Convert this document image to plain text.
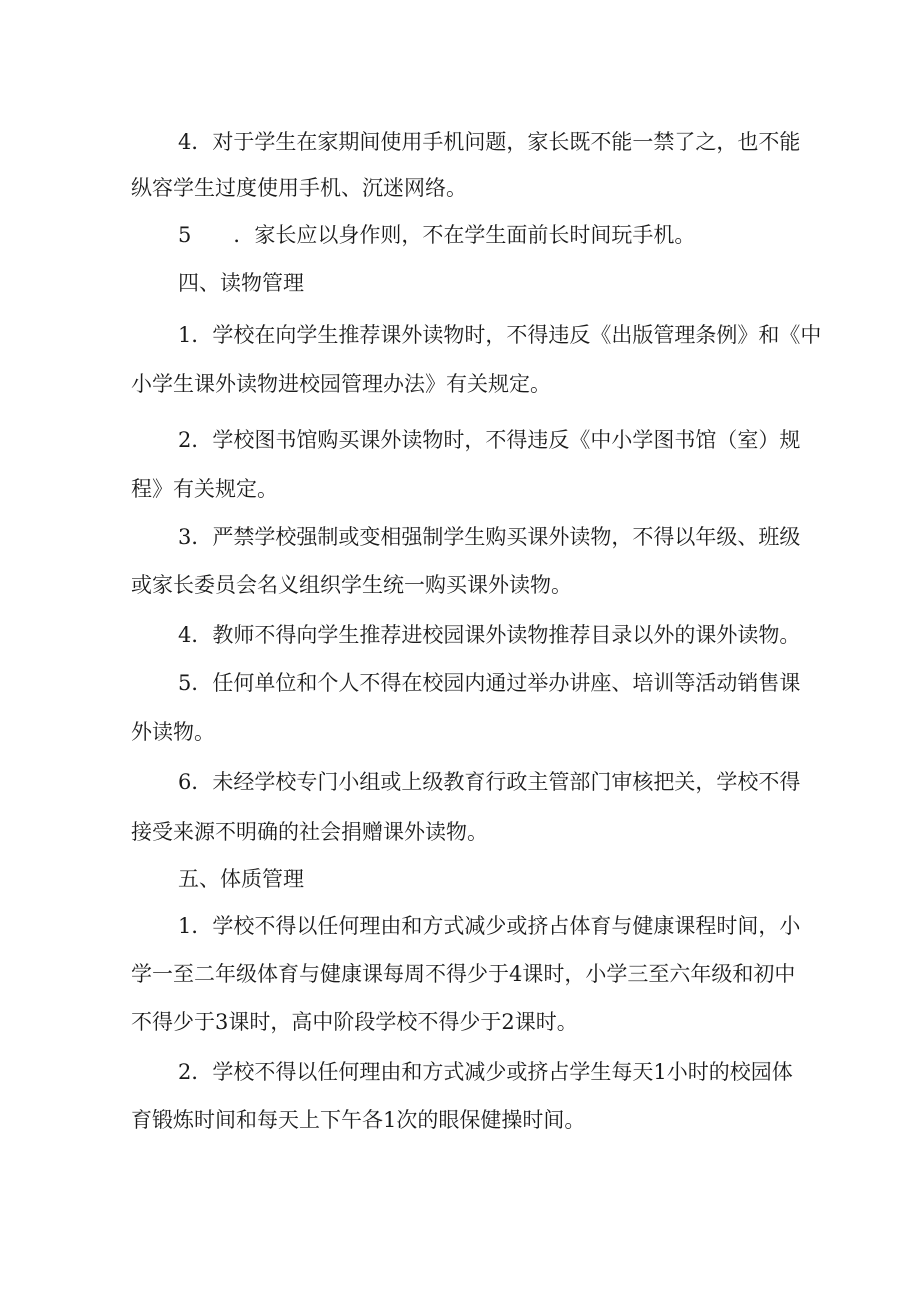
4．对于学生在家期间使用手机问题，家长既不能一禁了之，也不能
纵容学生过度使用手机、沉迷网络。
5　　．家长应以身作则，不在学生面前长时间玩手机。
四、读物管理
1．学校在向学生推荐课外读物时，不得违反《出版管理条例》和《中
小学生课外读物进校园管理办法》有关规定。
2．学校图书馆购买课外读物时，不得违反《中小学图书馆（室）规
程》有关规定。
3．严禁学校强制或变相强制学生购买课外读物，不得以年级、班级
或家长委员会名义组织学生统一购买课外读物。
4．教师不得向学生推荐进校园课外读物推荐目录以外的课外读物。
5．任何单位和个人不得在校园内通过举办讲座、培训等活动销售课
外读物。
6．未经学校专门小组或上级教育行政主管部门审核把关，学校不得
接受来源不明确的社会捐赠课外读物。
五、体质管理
1．学校不得以任何理由和方式减少或挤占体育与健康课程时间，小
学一至二年级体育与健康课每周不得少于4课时，小学三至六年级和初中
不得少于3课时，高中阶段学校不得少于2课时。
2．学校不得以任何理由和方式减少或挤占学生每天1小时的校园体
育锻炼时间和每天上下午各1次的眼保健操时间。
